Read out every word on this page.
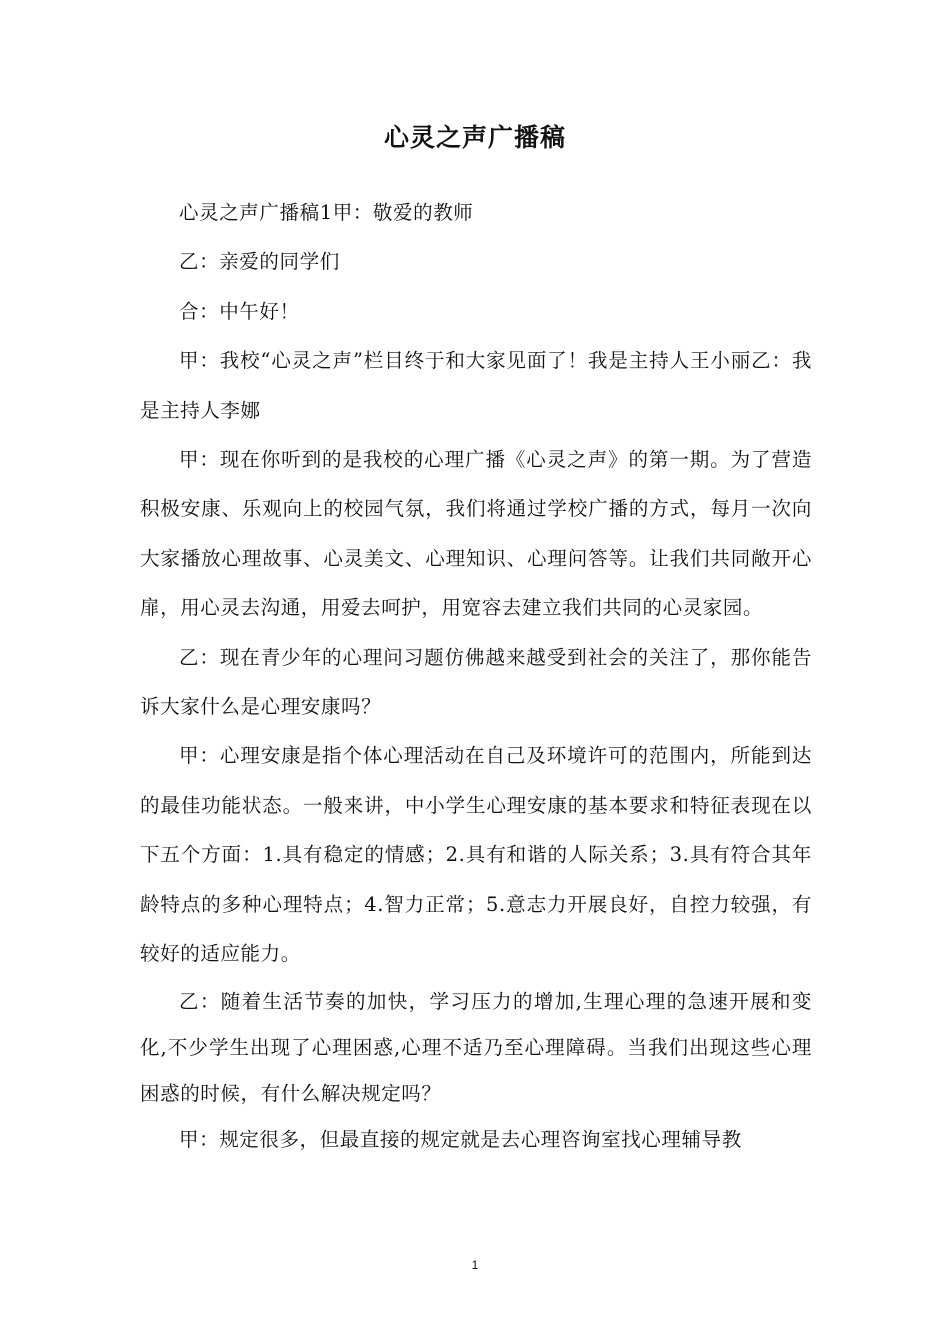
心灵之声广播稿

心灵之声广播稿1甲：敬爱的教师

乙：亲爱的同学们

合：中午好！

甲：我校“心灵之声”栏目终于和大家见面了！我是主持人王小丽乙：我是主持人李娜

甲：现在你听到的是我校的心理广播《心灵之声》的第一期。为了营造积极安康、乐观向上的校园气氛，我们将通过学校广播的方式，每月一次向大家播放心理故事、心灵美文、心理知识、心理问答等。让我们共同敞开心扉，用心灵去沟通，用爱去呵护，用宽容去建立我们共同的心灵家园。

乙：现在青少年的心理问习题仿佛越来越受到社会的关注了，那你能告诉大家什么是心理安康吗？

甲：心理安康是指个体心理活动在自己及环境许可的范围内，所能到达的最佳功能状态。一般来讲，中小学生心理安康的基本要求和特征表现在以下五个方面：1.具有稳定的情感；2.具有和谐的人际关系；3.具有符合其年龄特点的多种心理特点；4.智力正常；5.意志力开展良好，自控力较强，有较好的适应能力。

乙：随着生活节奏的加快，学习压力的增加,生理心理的急速开展和变化,不少学生出现了心理困惑,心理不适乃至心理障碍。当我们出现这些心理困惑的时候，有什么解决规定吗？

甲：规定很多，但最直接的规定就是去心理咨询室找心理辅导教

1
